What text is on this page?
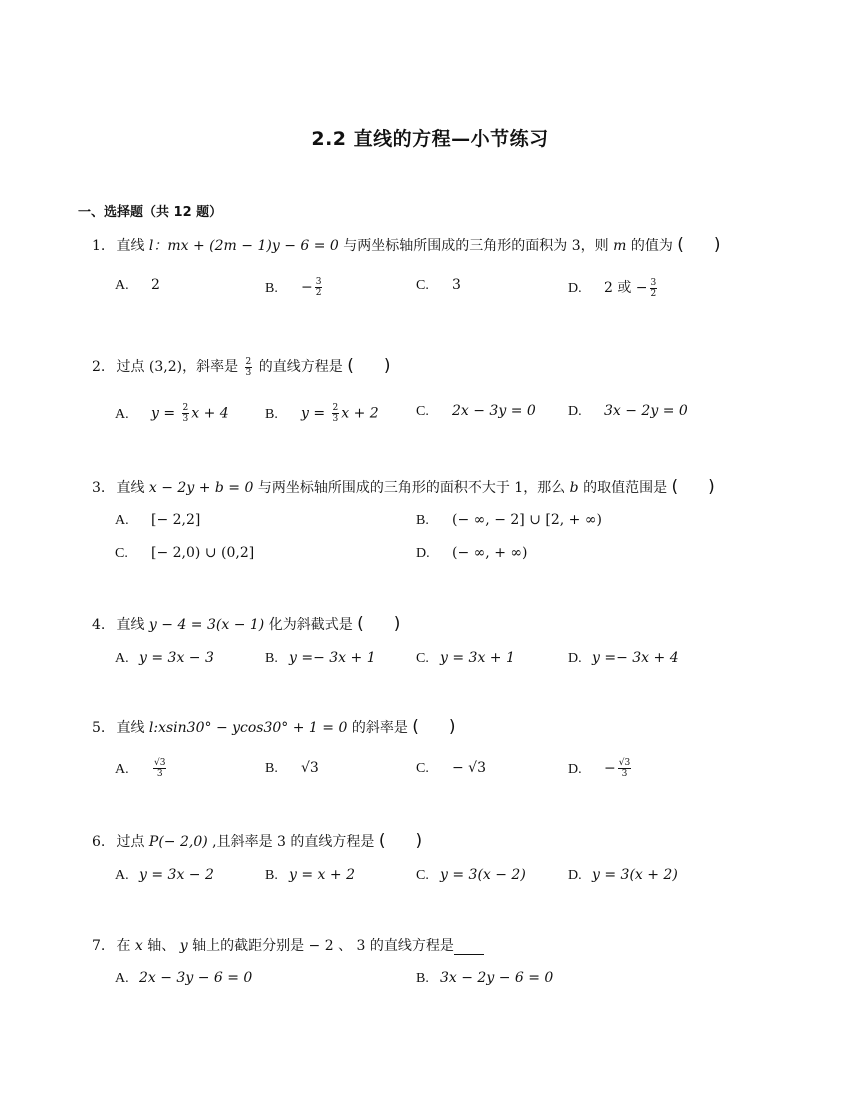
2.2 直线的方程—小节练习
一、选择题（共 12 题）
1. 直线 l：mx + (2m − 1)y − 6 = 0 与两坐标轴所围成的三角形的面积为 3，则 m 的值为 ( )
A. 2	B. − $\frac{3}{2}$	C. 3	D. 2 或 − $\frac{3}{2}$
2. 过点 (3,2)，斜率是 $\frac{2}{3}$ 的直线方程是 ( )
A. $y = \frac{2}{3}$ x + 4	B. $y = \frac{2}{3}$ x + 2	C. 2x − 3y = 0 D. 3x − 2y = 0
3. 直线 x − 2y + b = 0 与两坐标轴所围成的三角形的面积不大于 1，那么 b 的取值范围是 ( )
A. [− 2,2]	B. (− ∞, − 2] ∪ [2, + ∞)
C. [− 2,0) ∪ (0,2]	D. (− ∞, + ∞)
4. 直线 y − 4 = 3(x − 1) 化为斜截式是 ( )
A. y = 3x − 3	B. y =− 3x + 1	C. y = 3x + 1	D. y =− 3x + 4
5. 直线 l:xsin30° − ycos30° + 1 = 0 的斜率是 ( )
A.	$\frac{√3}{3}$	B. √3	C. − √3	D. − $\frac{√3}{3}$
6. 过点 P(− 2,0) ,且斜率是 3 的直线方程是 ( )
A. y = 3x − 2	B. y = x + 2	C. y = 3(x − 2)	D. y = 3(x + 2)
7. 在 x 轴、 y 轴上的截距分别是 − 2 、 3 的直线方程是
A. 2x − 3y − 6 = 0	B. 3x − 2y − 6 = 0
